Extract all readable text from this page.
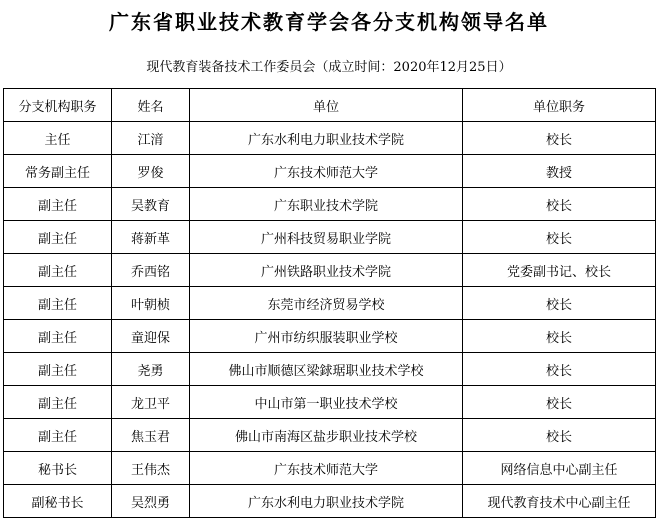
广东省职业技术教育学会各分支机构领导名单
现代教育装备技术工作委员会（成立时间：2020年12月25日）
分支机构职务	姓名	单位	单位职务
主任	江湇	广东水利电力职业技术学院	校长
常务副主任	罗俊	广东技术师范大学	教授
副主任	吴教育	广东职业技术学院	校长
副主任	蒋新革	广州科技贸易职业学院	校长
副主任	乔西铭	广州铁路职业技术学院	党委副书记、校长
副主任	叶朝桢	东莞市经济贸易学校	校长
副主任	童迎保	广州市纺织服装职业学校	校长
副主任	尧勇	佛山市顺德区梁銶琚职业技术学校	校长
副主任	龙卫平	中山市第一职业技术学校	校长
副主任	焦玉君	佛山市南海区盐步职业技术学校	校长
秘书长	王伟杰	广东技术师范大学	网络信息中心副主任
副秘书长	吴烈勇	广东水利电力职业技术学院	现代教育技术中心副主任
